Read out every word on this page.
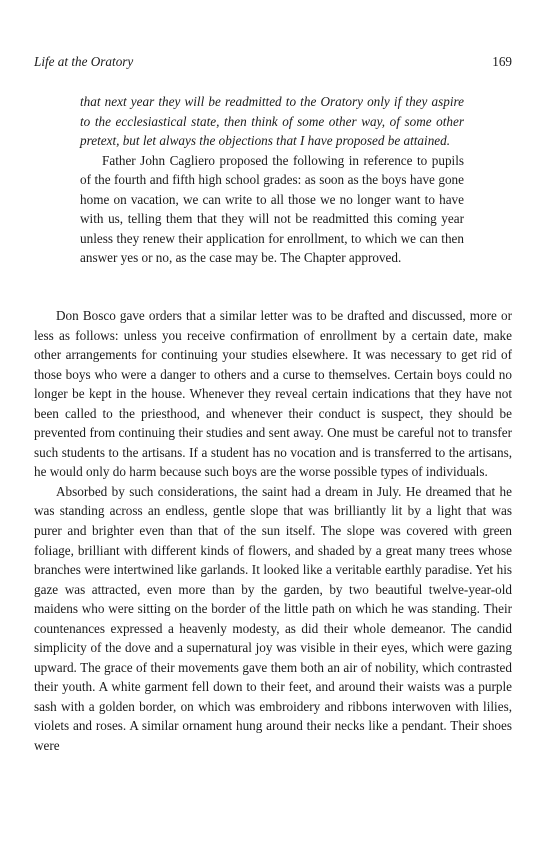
Life at the Oratory	169

that next year they will be readmitted to the Oratory only if they aspire to the ecclesiastical state, then think of some other way, of some other pretext, but let always the objections that I have proposed be attained.

Father John Cagliero proposed the following in reference to pupils of the fourth and fifth high school grades: as soon as the boys have gone home on vacation, we can write to all those we no longer want to have with us, telling them that they will not be readmitted this coming year unless they renew their application for enrollment, to which we can then answer yes or no, as the case may be. The Chapter approved.

Don Bosco gave orders that a similar letter was to be drafted and discussed, more or less as follows: unless you receive confirmation of enrollment by a certain date, make other arrangements for continuing your studies elsewhere. It was necessary to get rid of those boys who were a danger to others and a curse to themselves. Certain boys could no longer be kept in the house. Whenever they reveal certain indications that they have not been called to the priesthood, and whenever their conduct is suspect, they should be prevented from continuing their studies and sent away. One must be careful not to transfer such students to the artisans. If a student has no vocation and is transferred to the artisans, he would only do harm because such boys are the worse possible types of individuals.

Absorbed by such considerations, the saint had a dream in July. He dreamed that he was standing across an endless, gentle slope that was brilliantly lit by a light that was purer and brighter even than that of the sun itself. The slope was covered with green foliage, brilliant with different kinds of flowers, and shaded by a great many trees whose branches were intertwined like garlands. It looked like a veritable earthly paradise. Yet his gaze was attracted, even more than by the garden, by two beautiful twelve-year-old maidens who were sitting on the border of the little path on which he was standing. Their countenances expressed a heavenly modesty, as did their whole demeanor. The candid simplicity of the dove and a supernatural joy was visible in their eyes, which were gazing upward. The grace of their movements gave them both an air of nobility, which contrasted their youth. A white garment fell down to their feet, and around their waists was a purple sash with a golden border, on which was embroidery and ribbons interwoven with lilies, violets and roses. A similar ornament hung around their necks like a pendant. Their shoes were
